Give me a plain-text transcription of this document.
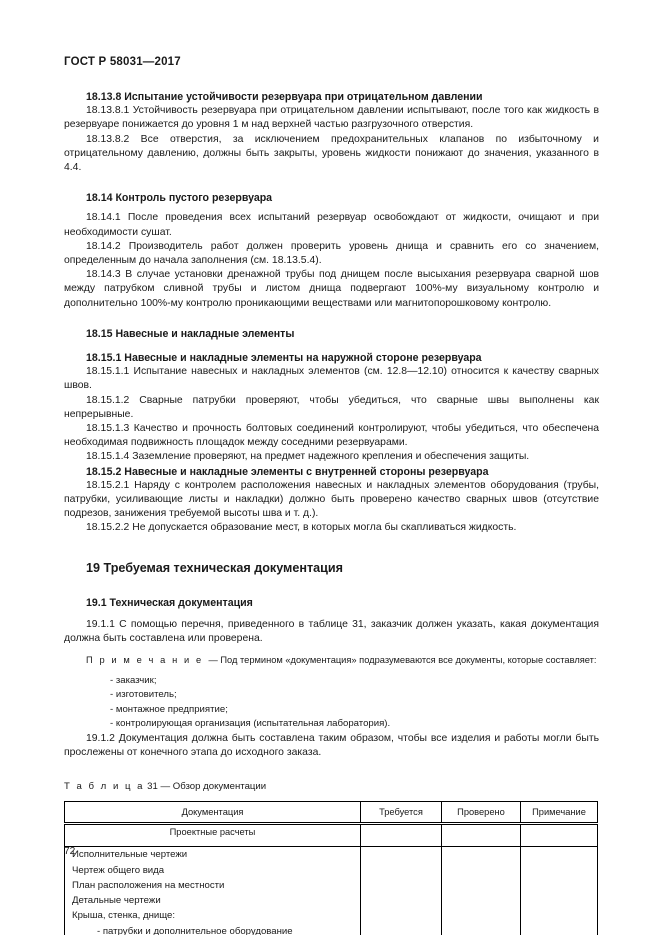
ГОСТ Р 58031—2017
18.13.8 Испытание устойчивости резервуара при отрицательном давлении

18.13.8.1 Устойчивость резервуара при отрицательном давлении испытывают, после того как жидкость в резервуаре понижается до уровня 1 м над верхней частью разгрузочного отверстия.

18.13.8.2 Все отверстия, за исключением предохранительных клапанов по избыточному и отрицательному давлению, должны быть закрыты, уровень жидкости понижают до значения, указанного в 4.4.

18.14 Контроль пустого резервуара

18.14.1 После проведения всех испытаний резервуар освобождают от жидкости, очищают и при необходимости сушат.

18.14.2 Производитель работ должен проверить уровень днища и сравнить его со значением, определенным до начала заполнения (см. 18.13.5.4).

18.14.3 В случае установки дренажной трубы под днищем после высыхания резервуара сварной шов между патрубком сливной трубы и листом днища подвергают 100%-му визуальному контролю и дополнительно 100%-му контролю проникающими веществами или магнитопорошковому контролю.

18.15 Навесные и накладные элементы
18.15.1 Навесные и накладные элементы на наружной стороне резервуара

18.15.1.1 Испытание навесных и накладных элементов (см. 12.8—12.10) относится к качеству сварных швов.

18.15.1.2 Сварные патрубки проверяют, чтобы убедиться, что сварные швы выполнены как непрерывные.

18.15.1.3 Качество и прочность болтовых соединений контролируют, чтобы убедиться, что обеспечена необходимая подвижность площадок между соседними резервуарами.

18.15.1.4 Заземление проверяют, на предмет надежного крепления и обеспечения защиты.

18.15.2 Навесные и накладные элементы с внутренней стороны резервуара

18.15.2.1 Наряду с контролем расположения навесных и накладных элементов оборудования (трубы, патрубки, усиливающие листы и накладки) должно быть проверено качество сварных швов (отсутствие подрезов, занижения требуемой высоты шва и т. д.).

18.15.2.2 Не допускается образование мест, в которых могла бы скапливаться жидкость.

19 Требуемая техническая документация
19.1 Техническая документация

19.1.1 С помощью перечня, приведенного в таблице 31, заказчик должен указать, какая документация должна быть составлена или проверена.

П р и м е ч а н и е — Под термином «документация» подразумеваются все документы, которые составляет:

- заказчик;
- изготовитель;
- монтажное предприятие;
- контролирующая организация (испытательная лаборатория).

19.1.2 Документация должна быть составлена таким образом, чтобы все изделия и работы могли быть прослежены от конечного этапа до исходного заказа.

Т а б л и ц а 31 — Обзор документации
Документация	Требуется	Проверено	Примечание
Проектные расчеты			

Исполнительные чертежи
Чертеж общего вида
План расположения на местности
Детальные чертежи
Крыша, стенка, днище:
- патрубки и дополнительное оборудование

72
